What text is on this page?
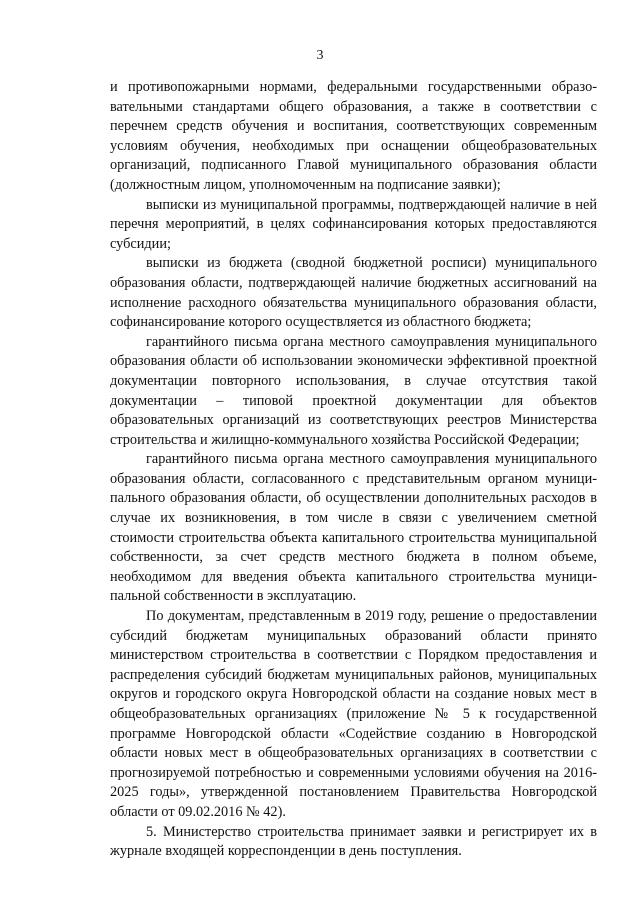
3

и противопожарными нормами, федеральными государственными образовательными стандартами общего образования, а также в соответствии с перечнем средств обучения и воспитания, соответствующих современным условиям обучения, необходимых при оснащении общеобразовательных организаций, подписанного Главой муниципального образования области (должностным лицом, уполномоченным на подписание заявки);

выписки из муниципальной программы, подтверждающей наличие в ней перечня мероприятий, в целях софинансирования которых предоставляются субсидии;

выписки из бюджета (сводной бюджетной росписи) муниципального образования области, подтверждающей наличие бюджетных ассигнований на исполнение расходного обязательства муниципального образования области, софинансирование которого осуществляется из областного бюджета;

гарантийного письма органа местного самоуправления муниципального образования области об использовании экономически эффективной проектной документации повторного использования, в случае отсутствия такой документации – типовой проектной документации для объектов образовательных организаций из соответствующих реестров Министерства строительства и жилищно-коммунального хозяйства Российской Федерации;

гарантийного письма органа местного самоуправления муниципального образования области, согласованного с представительным органом муниципального образования области, об осуществлении дополнительных расходов в случае их возникновения, в том числе в связи с увеличением сметной стоимости строительства объекта капитального строительства муниципальной собственности, за счет средств местного бюджета в полном объеме, необходимом для введения объекта капитального строительства муниципальной собственности в эксплуатацию.

По документам, представленным в 2019 году, решение о предоставлении субсидий бюджетам муниципальных образований области принято министерством строительства в соответствии с Порядком предоставления и распределения субсидий бюджетам муниципальных районов, муниципальных округов и городского округа Новгородской области на создание новых мест в общеобразовательных организациях (приложение № 5 к государственной программе Новгородской области «Содействие созданию в Новгородской области новых мест в общеобразовательных организациях в соответствии с прогнозируемой потребностью и современными условиями обучения на 2016-2025 годы», утвержденной постановлением Правительства Новгородской области от 09.02.2016 № 42).

5. Министерство строительства принимает заявки и регистрирует их в журнале входящей корреспонденции в день поступления.
